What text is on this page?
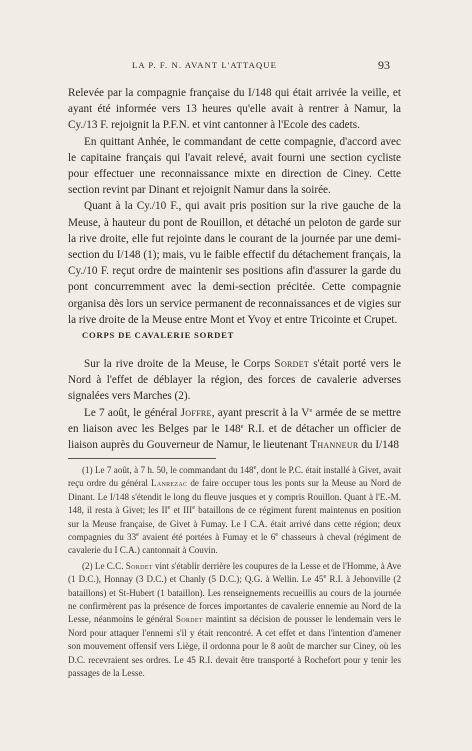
LA P. F. N. AVANT L'ATTAQUE	93

Relevée par la compagnie française du I/148 qui était arrivée la veille, et ayant été informée vers 13 heures qu'elle avait à rentrer à Namur, la Cy./13 F. rejoignit la P.F.N. et vint cantonner à l'Ecole des cadets.

En quittant Anhée, le commandant de cette compagnie, d'accord avec le capitaine français qui l'avait relevé, avait fourni une section cycliste pour effectuer une reconnaissance mixte en direction de Ciney. Cette section revint par Dinant et rejoignit Namur dans la soirée.

Quant à la Cy./10 F., qui avait pris position sur la rive gauche de la Meuse, à hauteur du pont de Rouillon, et détaché un peloton de garde sur la rive droite, elle fut rejointe dans le courant de la journée par une demi-section du I/148 (1); mais, vu le faible effectif du détachement français, la Cy./10 F. reçut ordre de maintenir ses positions afin d'assurer la garde du pont concurremment avec la demi-section précitée. Cette compagnie organisa dès lors un service permanent de reconnaissances et de vigies sur la rive droite de la Meuse entre Mont et Yvoy et entre Tricointe et Crupet.

CORPS DE CAVALERIE SORDET

Sur la rive droite de la Meuse, le Corps Sordet s'était porté vers le Nord à l'effet de déblayer la région, des forces de cavalerie adverses signalées vers Marches (2).

Le 7 août, le général Joffre, ayant prescrit à la Ve armée de se mettre en liaison avec les Belges par le 148e R.I. et de détacher un officier de liaison auprès du Gouverneur de Namur, le lieutenant Thanneur du I/148

(1) Le 7 août, à 7 h. 50, le commandant du 148e, dont le P.C. était installé à Givet, avait reçu ordre du général Lanrezac de faire occuper tous les ponts sur la Meuse au Nord de Dinant. Le I/148 s'étendit le long du fleuve jusques et y compris Rouillon. Quant à l'E.-M. 148, il resta à Givet; les IIe et IIIe bataillons de ce régiment furent maintenus en position sur la Meuse française, de Givet à Fumay. Le I C.A. était arrivé dans cette région; deux compagnies du 33e avaient été portées à Fumay et le 6e chasseurs à cheval (régiment de cavalerie du I C.A.) cantonnait à Couvin.

(2) Le C.C. Sordet vint s'établir derrière les coupures de la Lesse et de l'Homme, à Ave (1 D.C.), Honnay (3 D.C.) et Chanly (5 D.C.); Q.G. à Wellin. Le 45e R.I. à Jehonville (2 bataillons) et St-Hubert (1 bataillon). Les renseignements recueillis au cours de la journée ne confirmèrent pas la présence de forces importantes de cavalerie ennemie au Nord de la Lesse, néanmoins le général Sordet maintint sa décision de pousser le lendemain vers le Nord pour attaquer l'ennemi s'il y était rencontré. A cet effet et dans l'intention d'amener son mouvement offensif vers Liège, il ordonna pour le 8 août de marcher sur Ciney, où les D.C. recevraient ses ordres. Le 45 R.I. devait être transporté à Rochefort pour y tenir les passages de la Lesse.
